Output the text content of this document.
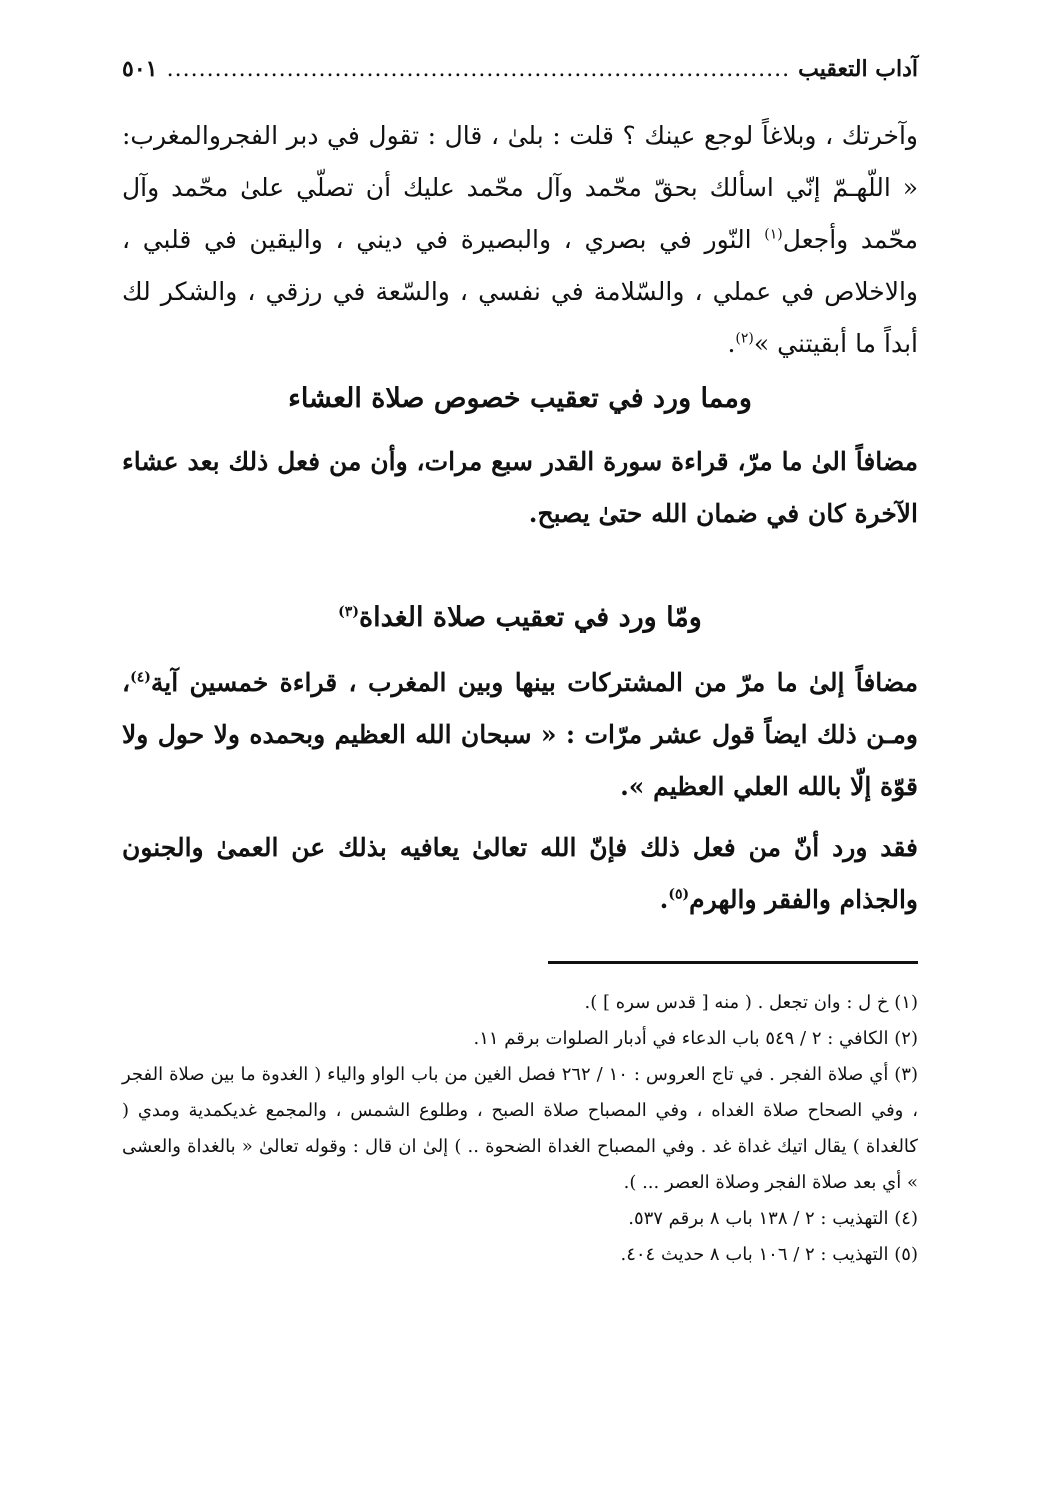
آداب التعقيب
.....
٥٠١

وآخرتك ، وبلاغاً لوجع عينك ؟ قلت : بلىٰ ، قال : تقول في دبر الفجروالمغرب: « اللّهـمّ إنّي اسألك بحقّ محّمد وآل محّمد عليك أن تصلّي علىٰ محّمد وآل محّمد وأجعل$^{(١)}$ النّور في بصري ، والبصيرة في ديني ، واليقين في قلبي ، والاخلاص في عملي ، والسّلامة في نفسي ، والسّعة في رزقي ، والشكر لك أبداً ما أبقيتني »$^{(٢)}$.

ومما ورد في تعقيب خصوص صلاة العشاء

مضافاً الىٰ ما مرّ، قراءة سورة القدر سبع مرات، وأن من فعل ذلك بعد عشاء الآخرة كان في ضمان الله حتىٰ يصبح.

ومّا ورد في تعقيب صلاة الغداة$^{(٣)}$

مضافاً إلىٰ ما مرّ من المشتركات بينها وبين المغرب ، قراءة خمسين آية$^{(٤)}$، ومـن ذلك ايضاً قول عشر مرّات : « سبحان الله العظيم وبحمده ولا حول ولا قوّة إلّا بالله العلي العظيم ».

فقد ورد أنّ من فعل ذلك فإنّ الله تعالىٰ يعافيه بذلك عن العمىٰ والجنون والجذام والفقر والهرم$^{(٥)}$.

(١) خ ل : وان تجعل . ( منه [ قدس سره ] ).

(٢) الكافي : ٢ / ٥٤٩ باب الدعاء في أدبار الصلوات برقم ١١.

(٣) أي صلاة الفجر . في تاج العروس : ١٠ / ٢٦٢ فصل الغين من باب الواو والياء ( الغدوة ما بين صلاة الفجر ، وفي الصحاح صلاة الغداه ، وفي المصباح صلاة الصبح ، وطلوع الشمس ، والمجمع غديكمدية ومدي ( كالغداة ) يقال اتيك غداة غد . وفي المصباح الغداة الضحوة .. ) إلىٰ ان قال : وقوله تعالىٰ « بالغداة والعشى » أي بعد صلاة الفجر وصلاة العصر ... ).

(٤) التهذيب : ٢ / ١٣٨ باب ٨ برقم ٥٣٧.

(٥) التهذيب : ٢ / ١٠٦ باب ٨ حديث ٤٠٤.
